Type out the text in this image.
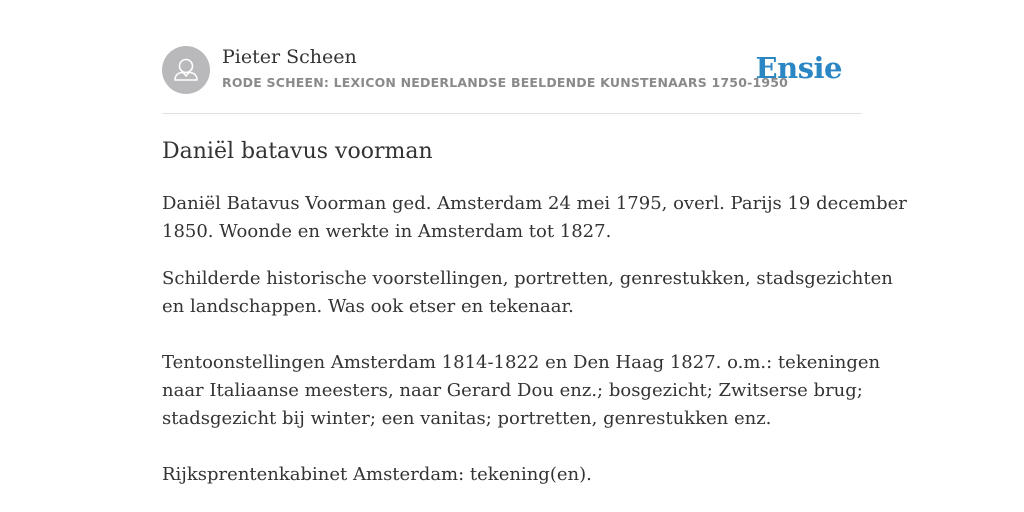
Pieter Scheen
RODE SCHEEN: LEXICON NEDERLANDSE BEELDENDE KUNSTENAARS 1750-1950
Ensie
Daniël batavus voorman

Daniël Batavus Voorman ged. Amsterdam 24 mei 1795, overl. Parijs 19 december

1850. Woonde en werkte in Amsterdam tot 1827.

Schilderde historische voorstellingen, portretten, genrestukken, stadsgezichten

en landschappen. Was ook etser en tekenaar.

Tentoonstellingen Amsterdam 1814-1822 en Den Haag 1827. o.m.: tekeningen

naar Italiaanse meesters, naar Gerard Dou enz.; bosgezicht; Zwitserse brug;

stadsgezicht bij winter; een vanitas; portretten, genrestukken enz.

Rijksprentenkabinet Amsterdam: tekening(en).
